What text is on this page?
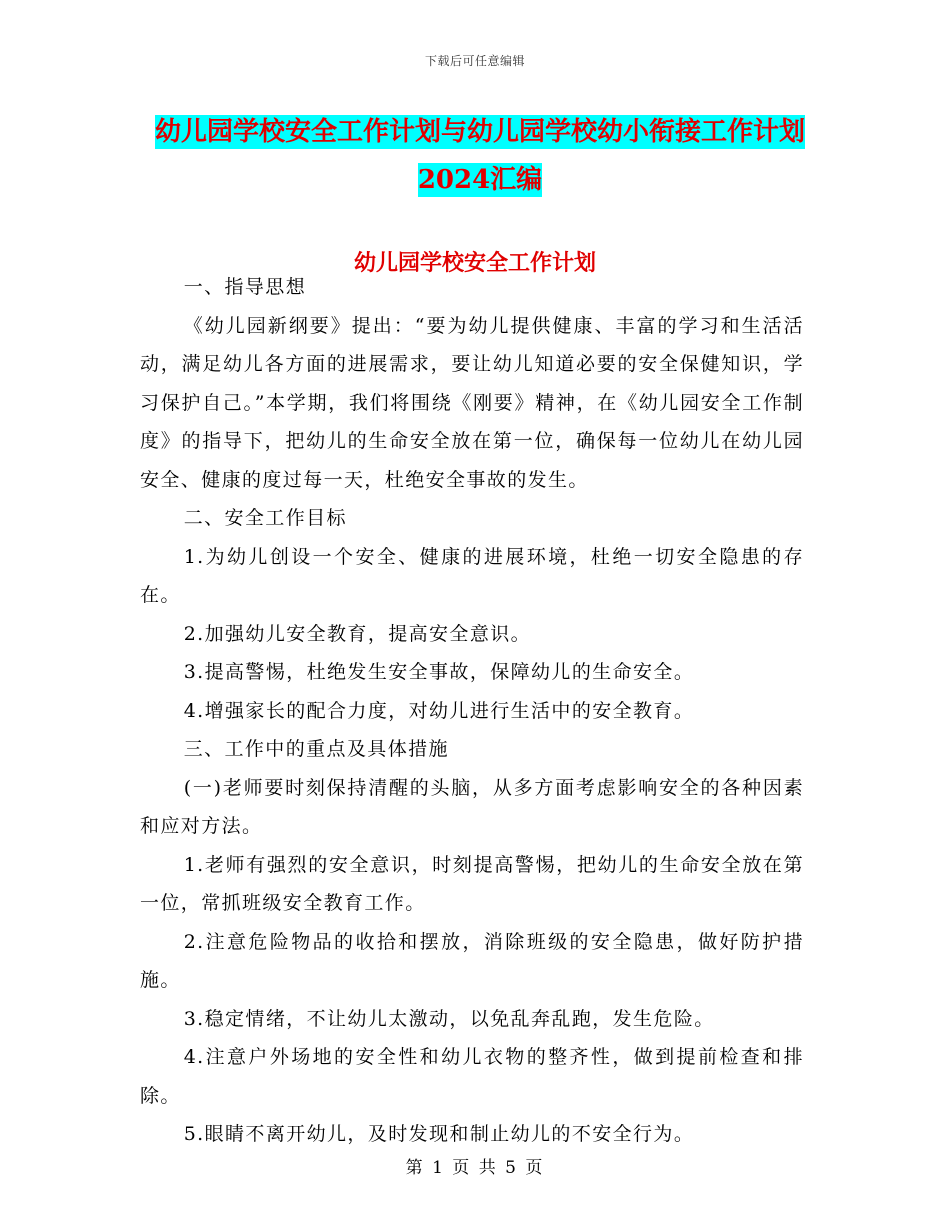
下载后可任意编辑
幼儿园学校安全工作计划与幼儿园学校幼小衔接工作计划2024汇编
幼儿园学校安全工作计划

一、指导思想

《幼儿园新纲要》提出：“要为幼儿提供健康、丰富的学习和生活活动，满足幼儿各方面的进展需求，要让幼儿知道必要的安全保健知识，学习保护自己。”本学期，我们将围绕《刚要》精神，在《幼儿园安全工作制度》的指导下，把幼儿的生命安全放在第一位，确保每一位幼儿在幼儿园安全、健康的度过每一天，杜绝安全事故的发生。

二、安全工作目标

1.为幼儿创设一个安全、健康的进展环境，杜绝一切安全隐患的存在。

2.加强幼儿安全教育，提高安全意识。

3.提高警惕，杜绝发生安全事故，保障幼儿的生命安全。

4.增强家长的配合力度，对幼儿进行生活中的安全教育。

三、工作中的重点及具体措施

(一)老师要时刻保持清醒的头脑，从多方面考虑影响安全的各种因素和应对方法。

1.老师有强烈的安全意识，时刻提高警惕，把幼儿的生命安全放在第一位，常抓班级安全教育工作。

2.注意危险物品的收拾和摆放，消除班级的安全隐患，做好防护措施。

3.稳定情绪，不让幼儿太激动，以免乱奔乱跑，发生危险。

4.注意户外场地的安全性和幼儿衣物的整齐性，做到提前检查和排除。

5.眼睛不离开幼儿，及时发现和制止幼儿的不安全行为。

第 1 页 共 5 页
